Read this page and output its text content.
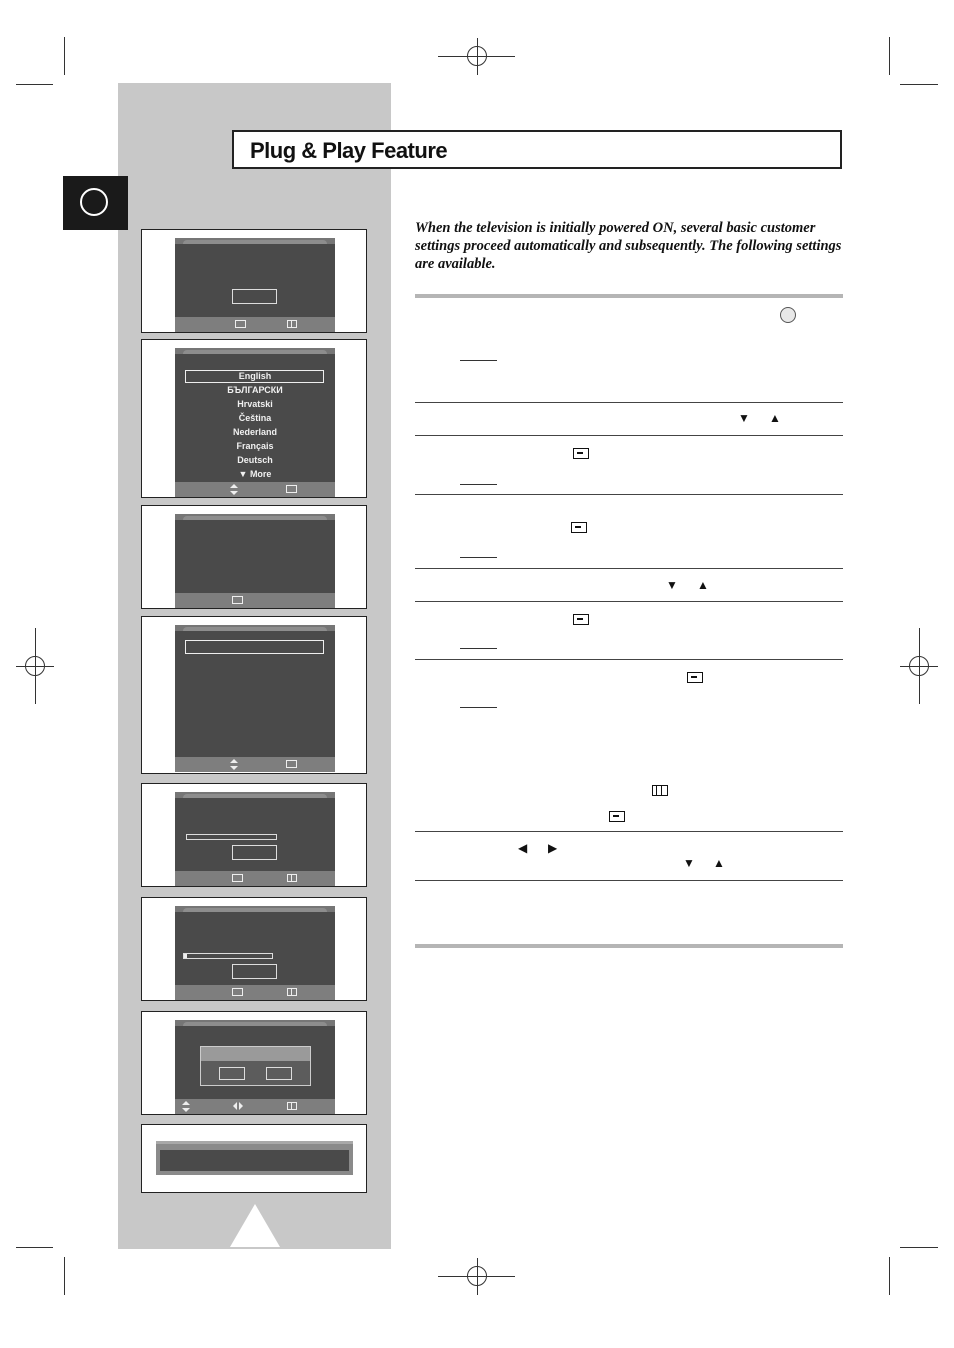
Plug & Play Feature
When the television is initially powered ON, several basic customer settings proceed automatically and subsequently. The following settings are available.
▼ ▲
▼ ▲
◀ ▶
▼ ▲
English
БЪЛГАРСКИ
Hrvatski
Čeština
Nederland
Français
Deutsch
▼ More
